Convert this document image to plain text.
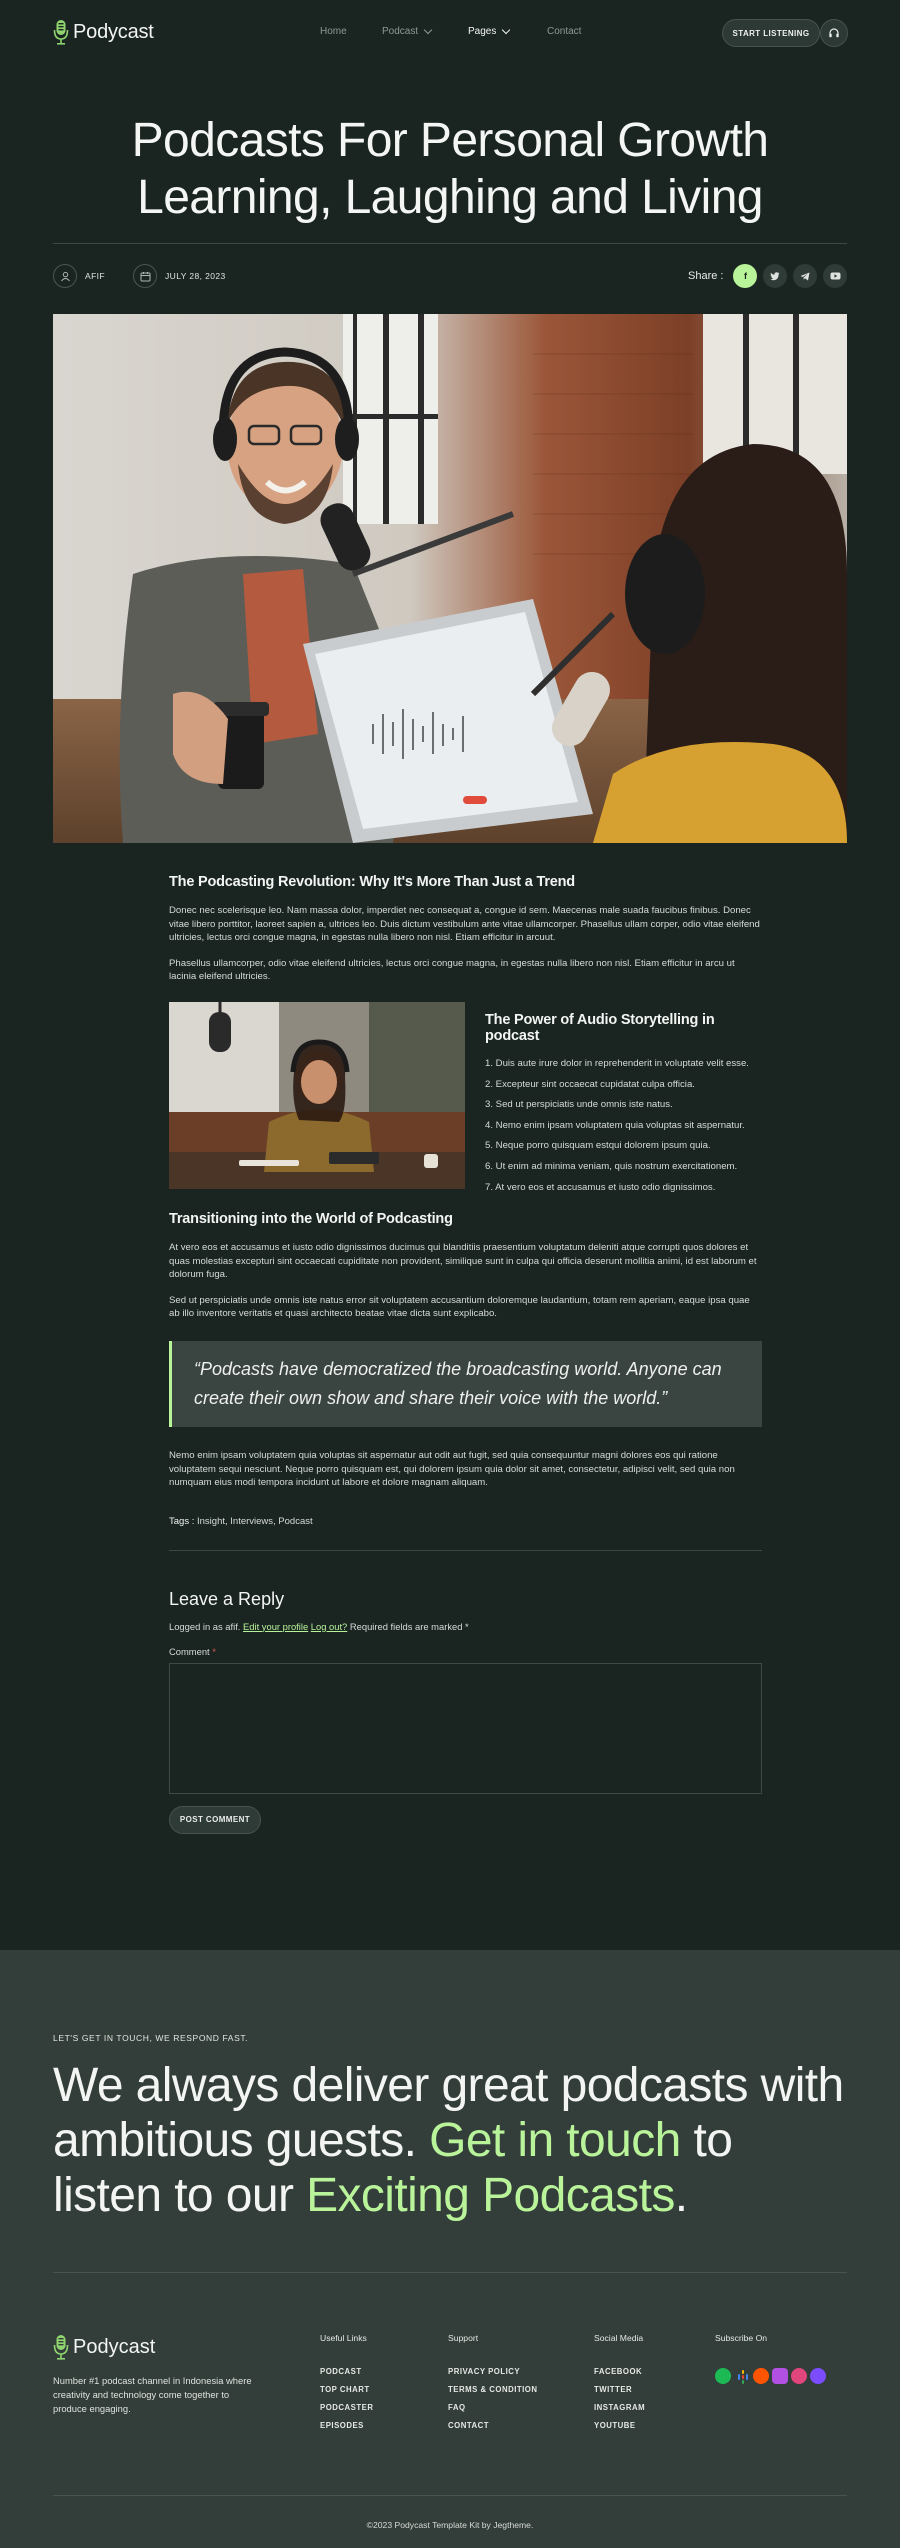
Podycast	Home	Podcast	Pages	Contact	START LISTENING
Podcasts For Personal Growth
Learning, Laughing and Living
AFIF	JULY 28, 2023	Share :	f
The Podcasting Revolution: Why It's More Than Just a Trend

Donec nec scelerisque leo. Nam massa dolor, imperdiet nec consequat a, congue id sem. Maecenas male suada faucibus finibus. Donec vitae libero porttitor, laoreet sapien a, ultrices leo. Duis dictum vestibulum ante vitae ullamcorper. Phasellus ullam corper, odio vitae eleifend ultricies, lectus orci congue magna, in egestas nulla libero non nisl. Etiam efficitur in arcuut.

Phasellus ullamcorper, odio vitae eleifend ultricies, lectus orci congue magna, in egestas nulla libero non nisl. Etiam efficitur in arcu ut lacinia eleifend ultricies.

The Power of Audio Storytelling in podcast
1. Duis aute irure dolor in reprehenderit in voluptate velit esse.
2. Excepteur sint occaecat cupidatat culpa officia.
3. Sed ut perspiciatis unde omnis iste natus.
4. Nemo enim ipsam voluptatem quia voluptas sit aspernatur.
5. Neque porro quisquam estqui dolorem ipsum quia.
6. Ut enim ad minima veniam, quis nostrum exercitationem.
7. At vero eos et accusamus et iusto odio dignissimos.
Transitioning into the World of Podcasting

At vero eos et accusamus et iusto odio dignissimos ducimus qui blanditiis praesentium voluptatum deleniti atque corrupti quos dolores et quas molestias excepturi sint occaecati cupiditate non provident, similique sunt in culpa qui officia deserunt mollitia animi, id est laborum et dolorum fuga.

Sed ut perspiciatis unde omnis iste natus error sit voluptatem accusantium doloremque laudantium, totam rem aperiam, eaque ipsa quae ab illo inventore veritatis et quasi architecto beatae vitae dicta sunt explicabo.

“Podcasts have democratized the broadcasting world. Anyone can create their own show and share their voice with the world.”

Nemo enim ipsam voluptatem quia voluptas sit aspernatur aut odit aut fugit, sed quia consequuntur magni dolores eos qui ratione voluptatem sequi nesciunt. Neque porro quisquam est, qui dolorem ipsum quia dolor sit amet, consectetur, adipisci velit, sed quia non numquam eius modi tempora incidunt ut labore et dolore magnam aliquam.

Tags : Insight, Interviews, Podcast
Leave a Reply

Logged in as afif. Edit your profile Log out? Required fields are marked *

Comment *

POST COMMENT
LET'S GET IN TOUCH, WE RESPOND FAST.
We always deliver great podcasts with ambitious guests. Get in touch to listen to our Exciting Podcasts.
Podycast
Number #1 podcast channel in Indonesia where creativity and technology come together to produce engaging.
Useful Links
PODCAST
TOP CHART
PODCASTER
EPISODES
Support
PRIVACY POLICY
TERMS & CONDITION
FAQ
CONTACT
Social Media
FACEBOOK
TWITTER
INSTAGRAM
YOUTUBE
Subscribe On
©2023 Podycast Template Kit by Jegtheme.
